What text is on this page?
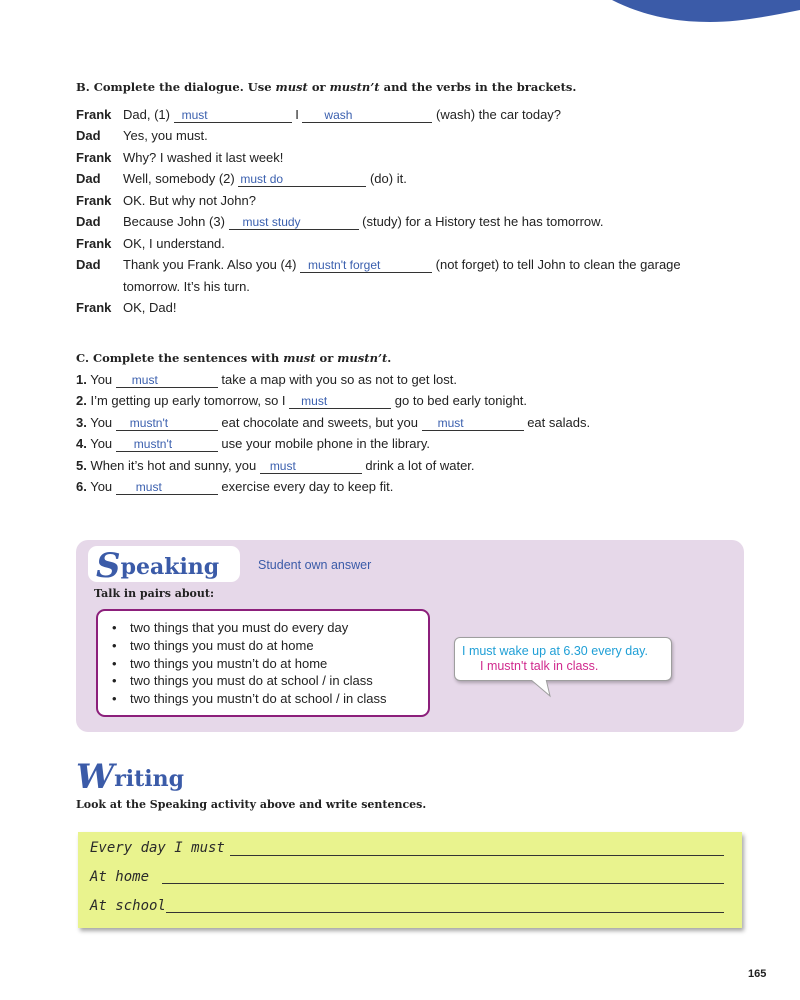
B. Complete the dialogue. Use must or mustn’t and the verbs in the brackets.
Frank Dad, (1) must	I wash	(wash) the car today?
Dad	Yes, you must.
Frank Why? I washed it last week!
Dad	Well, somebody (2) must do	(do) it.
Frank OK. But why not John?
Dad	Because John (3) must study	(study) for a History test he has tomorrow.
Frank OK, I understand.
Dad	Thank you Frank. Also you (4) mustn't forget	(not forget) to tell John to clean the garage
tomorrow. It’s his turn.
Frank OK, Dad!
C. Complete the sentences with must or mustn’t.
1. You must	take a map with you so as not to get lost.
2. I’m getting up early tomorrow, so I must	go to bed early tonight.
3. You mustn't	eat chocolate and sweets, but you must	eat salads.
4. You mustn't	use your mobile phone in the library.
5. When it’s hot and sunny, you must	drink a lot of water.
6. You must	exercise every day to keep fit.
Speaking	Student own answer
Talk in pairs about:
• two things that you must do every day
• two things you must do at home
• two things you mustn’t do at home
• two things you must do at school / in class
• two things you mustn’t do at school / in class
I must wake up at 6.30 every day.
I mustn't talk in class.
Writing
Look at the Speaking activity above and write sentences.
Every day I must
At home
At school
165
